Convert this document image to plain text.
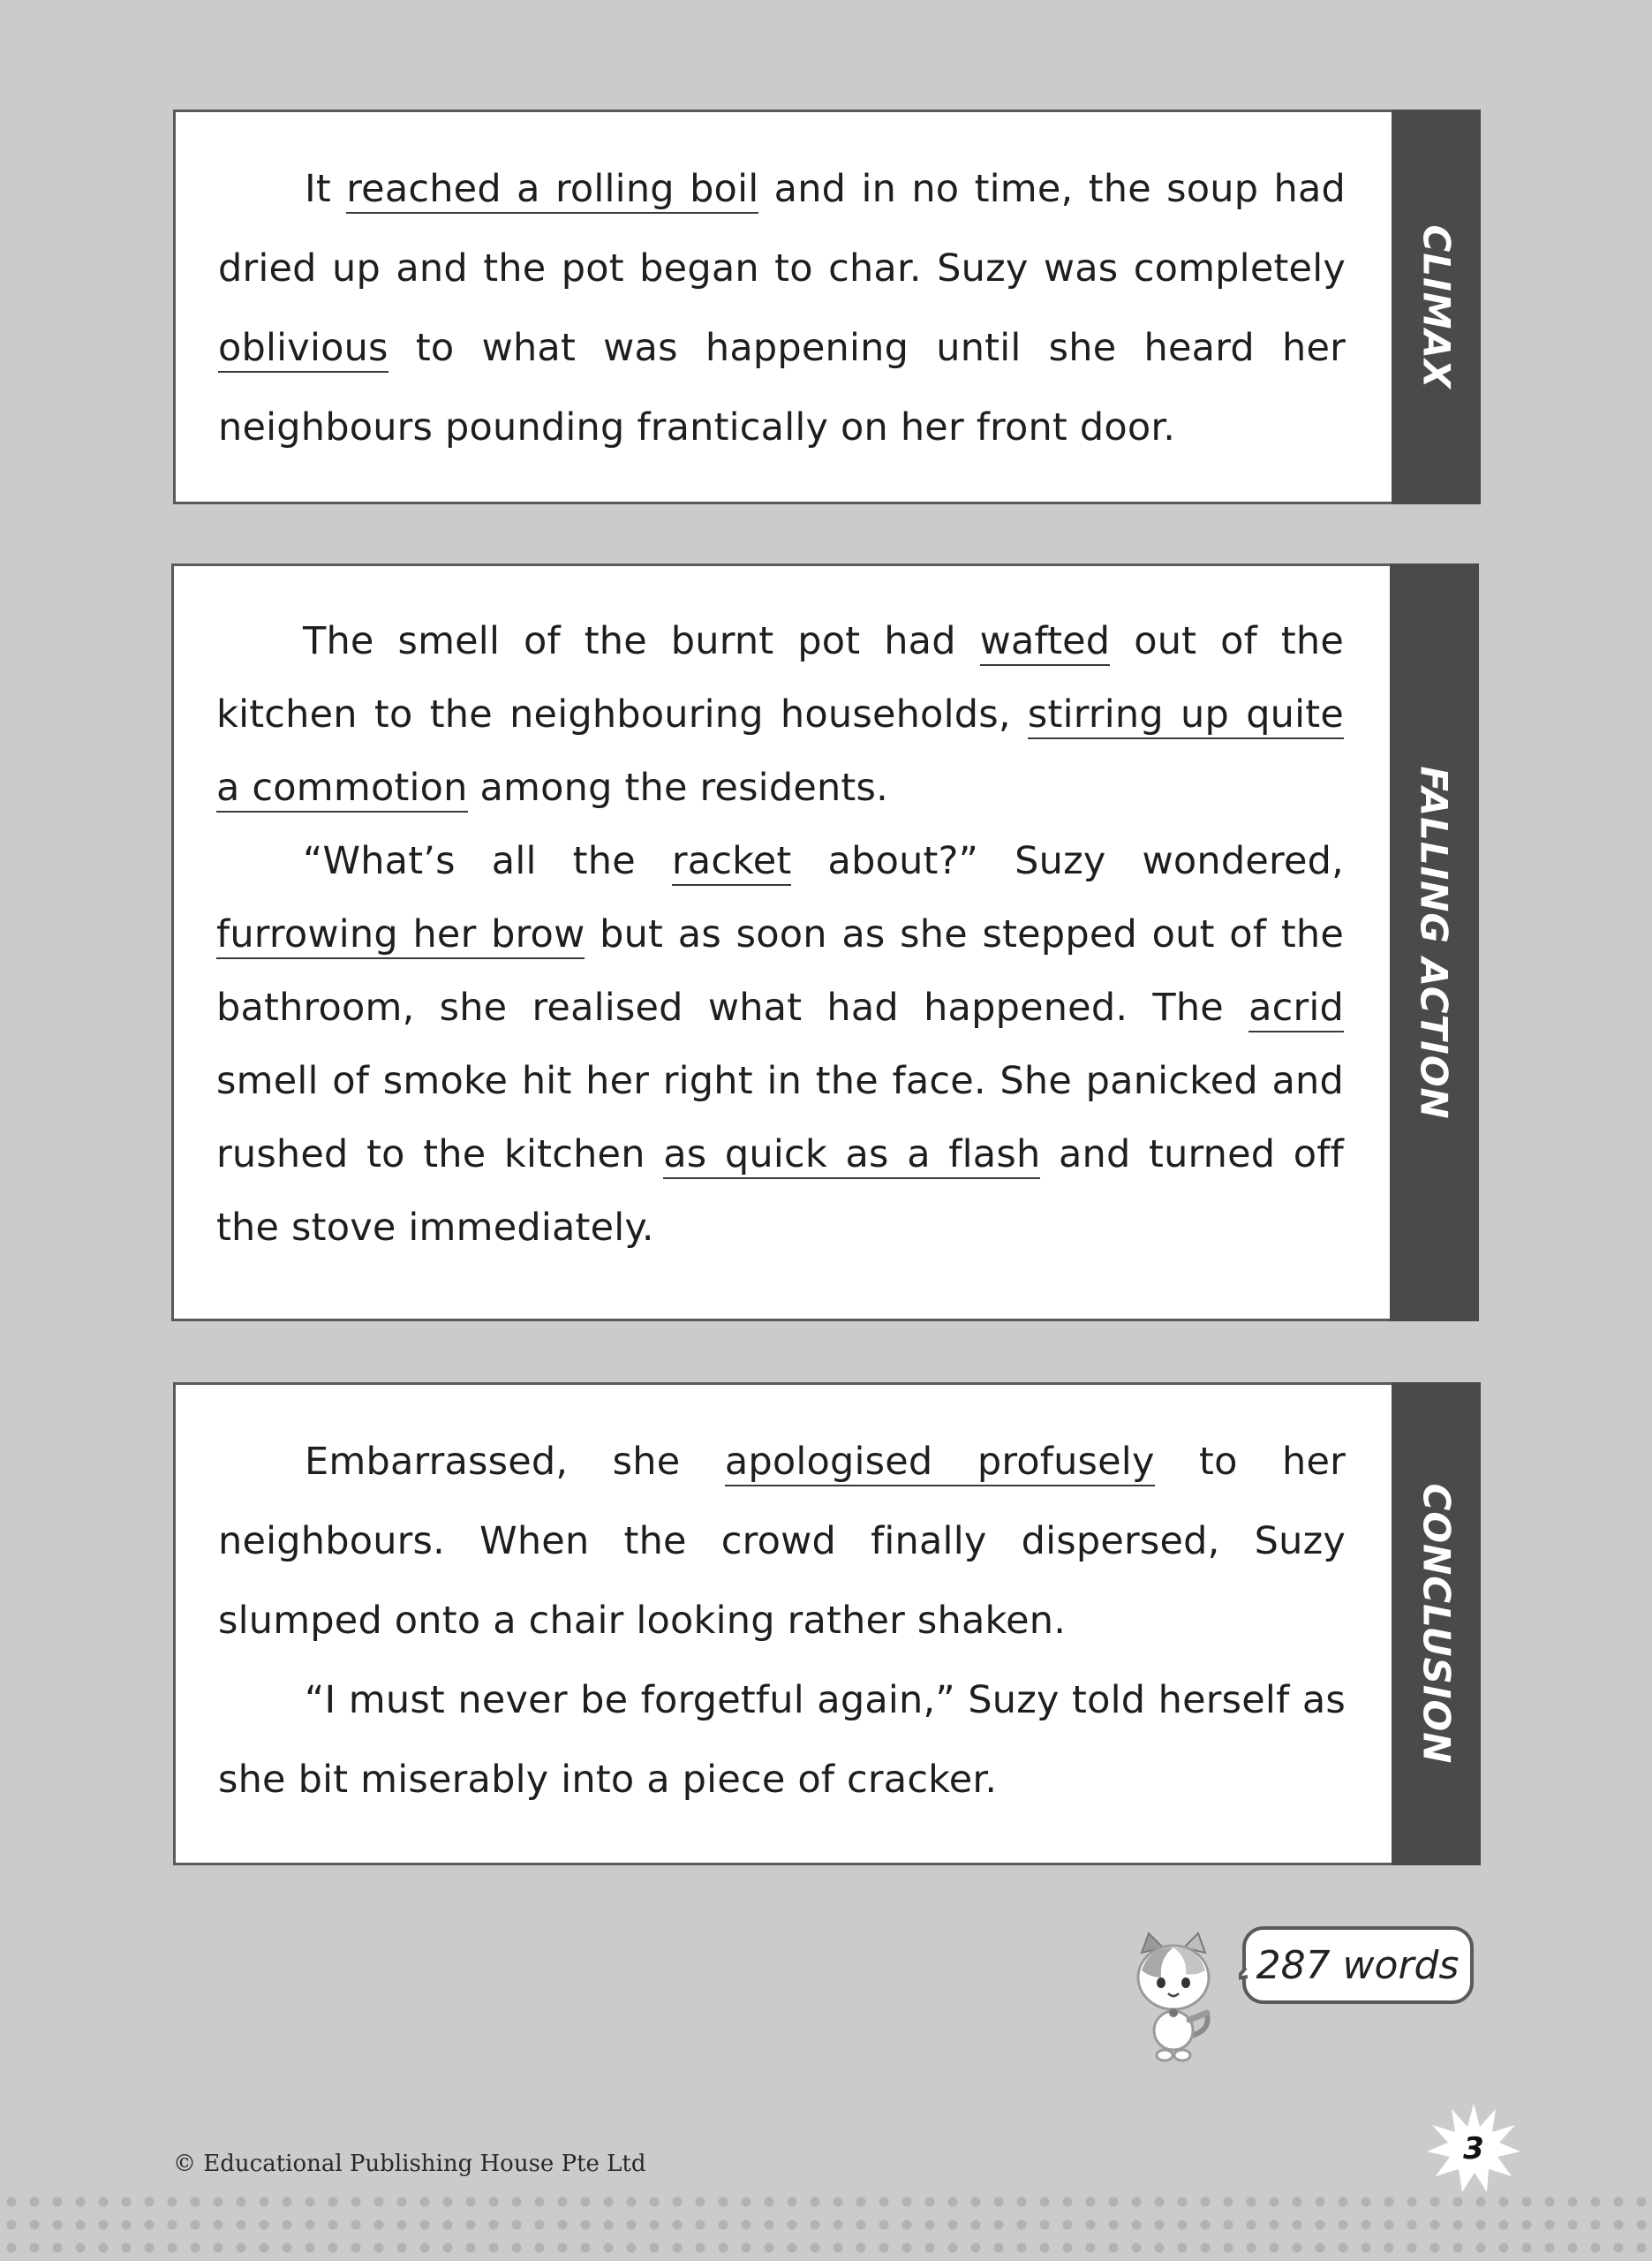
It reached a rolling boil and in no time, the soup had dried up and the pot began to char. Suzy was completely oblivious to what was happening until she heard her neighbours pounding frantically on her front door.

CLIMAX

The smell of the burnt pot had wafted out of the kitchen to the neighbouring households, stirring up quite a commotion among the residents.

“What’s all the racket about?” Suzy wondered, furrowing her brow but as soon as she stepped out of the bathroom, she realised what had happened. The acrid smell of smoke hit her right in the face. She panicked and rushed to the kitchen as quick as a flash and turned off the stove immediately.

FALLING ACTION

Embarrassed, she apologised profusely to her neighbours. When the crowd finally dispersed, Suzy slumped onto a chair looking rather shaken.

“I must never be forgetful again,” Suzy told herself as she bit miserably into a piece of cracker.

CONCLUSION
287 words
© Educational Publishing House Pte Ltd	3
